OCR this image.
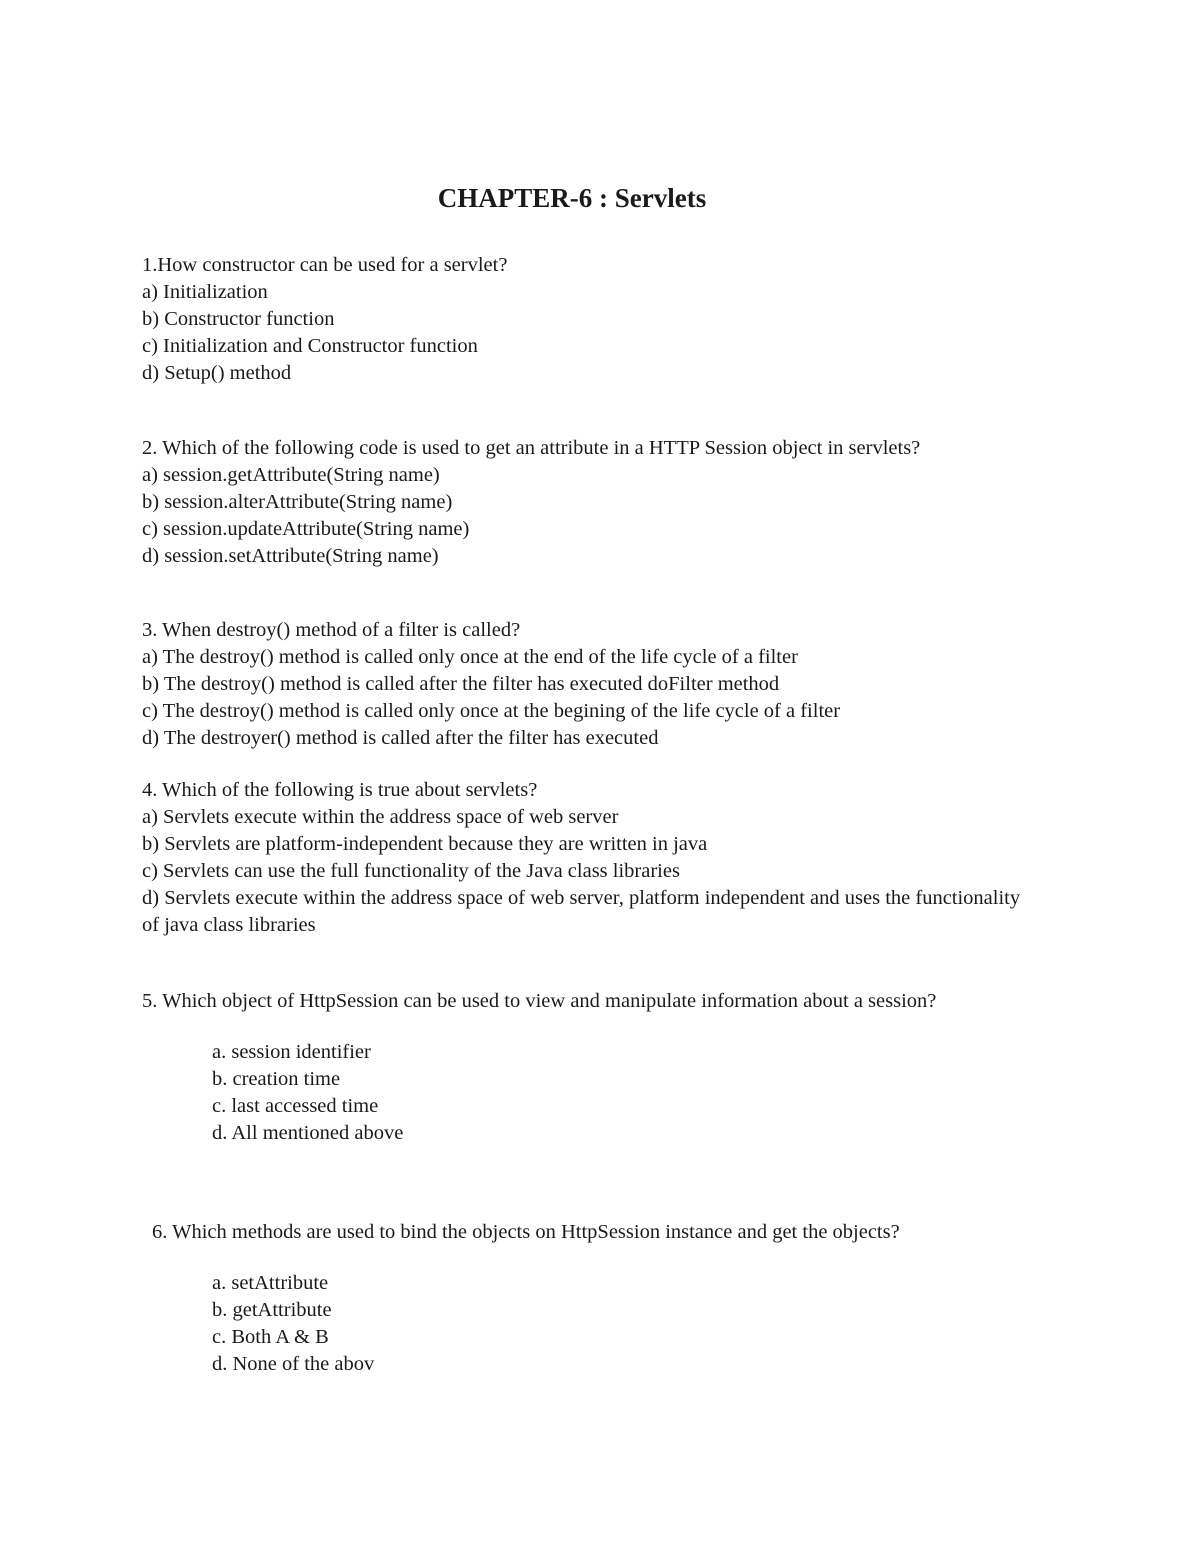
CHAPTER-6 : Servlets

1.How constructor can be used for a servlet?

a) Initialization

b) Constructor function

c) Initialization and Constructor function

d) Setup() method

2. Which of the following code is used to get an attribute in a HTTP Session object in servlets?

a) session.getAttribute(String name)

b) session.alterAttribute(String name)

c) session.updateAttribute(String name)

d) session.setAttribute(String name)

3. When destroy() method of a filter is called?

a) The destroy() method is called only once at the end of the life cycle of a filter

b) The destroy() method is called after the filter has executed doFilter method

c) The destroy() method is called only once at the begining of the life cycle of a filter

d) The destroyer() method is called after the filter has executed

4. Which of the following is true about servlets?

a) Servlets execute within the address space of web server

b) Servlets are platform-independent because they are written in java

c) Servlets can use the full functionality of the Java class libraries

d) Servlets execute within the address space of web server, platform independent and uses the functionality of java class libraries

5. Which object of HttpSession can be used to view and manipulate information about a session?

a. session identifier

b. creation time

c. last accessed time

d. All mentioned above

6. Which methods are used to bind the objects on HttpSession instance and get the objects?

a. setAttribute

b. getAttribute

c. Both A & B

d. None of the abov
